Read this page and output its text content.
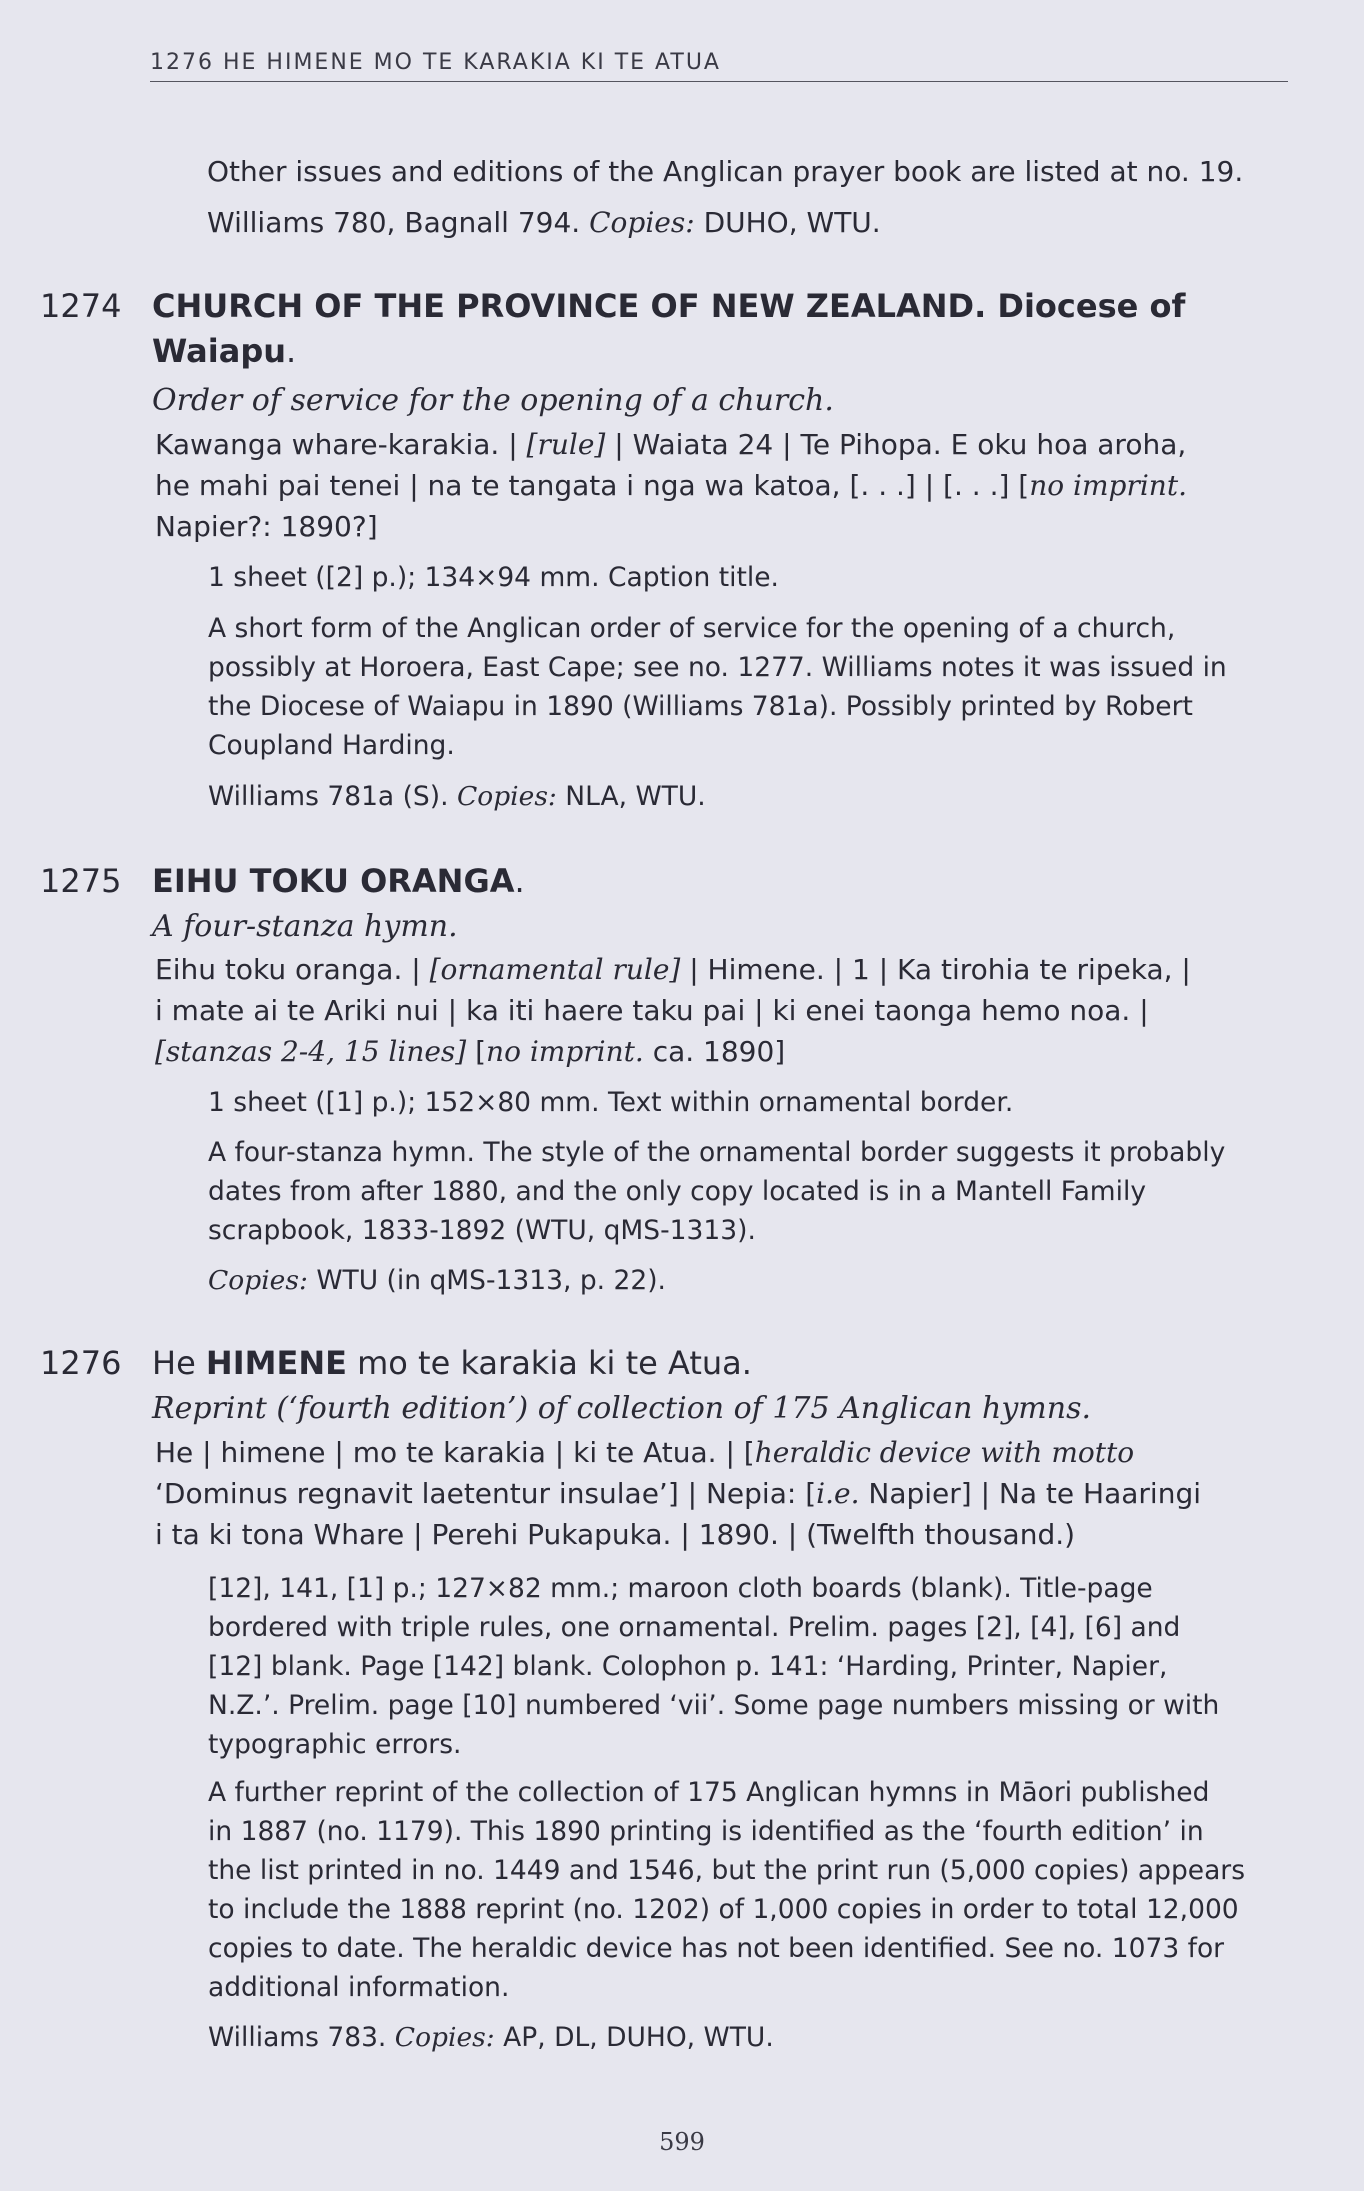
1276 HE HIMENE MO TE KARAKIA KI TE ATUA
Other issues and editions of the Anglican prayer book are listed at no. 19.
Williams 780, Bagnall 794. Copies: DUHO, WTU.
1274 CHURCH OF THE PROVINCE OF NEW ZEALAND. Diocese of
Waiapu.
Order of service for the opening of a church.
Kawanga whare-karakia. | [rule] | Waiata 24 | Te Pihopa. E oku hoa aroha,
he mahi pai tenei | na te tangata i nga wa katoa, [. . .] | [. . .] [no imprint.
Napier?: 1890?]
1 sheet ([2] p.); 134×94 mm. Caption title.
A short form of the Anglican order of service for the opening of a church,
possibly at Horoera, East Cape; see no. 1277. Williams notes it was issued in
the Diocese of Waiapu in 1890 (Williams 781a). Possibly printed by Robert
Coupland Harding.
Williams 781a (S). Copies: NLA, WTU.
1275 EIHU TOKU ORANGA.
A four-stanza hymn.
Eihu toku oranga. | [ornamental rule] | Himene. | 1 | Ka tirohia te ripeka, |
i mate ai te Ariki nui | ka iti haere taku pai | ki enei taonga hemo noa. |
[stanzas 2-4, 15 lines] [no imprint. ca. 1890]
1 sheet ([1] p.); 152×80 mm. Text within ornamental border.
A four-stanza hymn. The style of the ornamental border suggests it probably
dates from after 1880, and the only copy located is in a Mantell Family
scrapbook, 1833-1892 (WTU, qMS-1313).
Copies: WTU (in qMS-1313, p. 22).
1276 He HIMENE mo te karakia ki te Atua.
Reprint (‘fourth edition’) of collection of 175 Anglican hymns.
He | himene | mo te karakia | ki te Atua. | [heraldic device with motto
‘Dominus regnavit laetentur insulae’] | Nepia: [i.e. Napier] | Na te Haaringi
i ta ki tona Whare | Perehi Pukapuka. | 1890. | (Twelfth thousand.)
[12], 141, [1] p.; 127×82 mm.; maroon cloth boards (blank). Title-page
bordered with triple rules, one ornamental. Prelim. pages [2], [4], [6] and
[12] blank. Page [142] blank. Colophon p. 141: ‘Harding, Printer, Napier,
N.Z.’. Prelim. page [10] numbered ‘vii’. Some page numbers missing or with
typographic errors.
A further reprint of the collection of 175 Anglican hymns in Māori published
in 1887 (no. 1179). This 1890 printing is identified as the ‘fourth edition’ in
the list printed in no. 1449 and 1546, but the print run (5,000 copies) appears
to include the 1888 reprint (no. 1202) of 1,000 copies in order to total 12,000
copies to date. The heraldic device has not been identified. See no. 1073 for
additional information.
Williams 783. Copies: AP, DL, DUHO, WTU.
599
